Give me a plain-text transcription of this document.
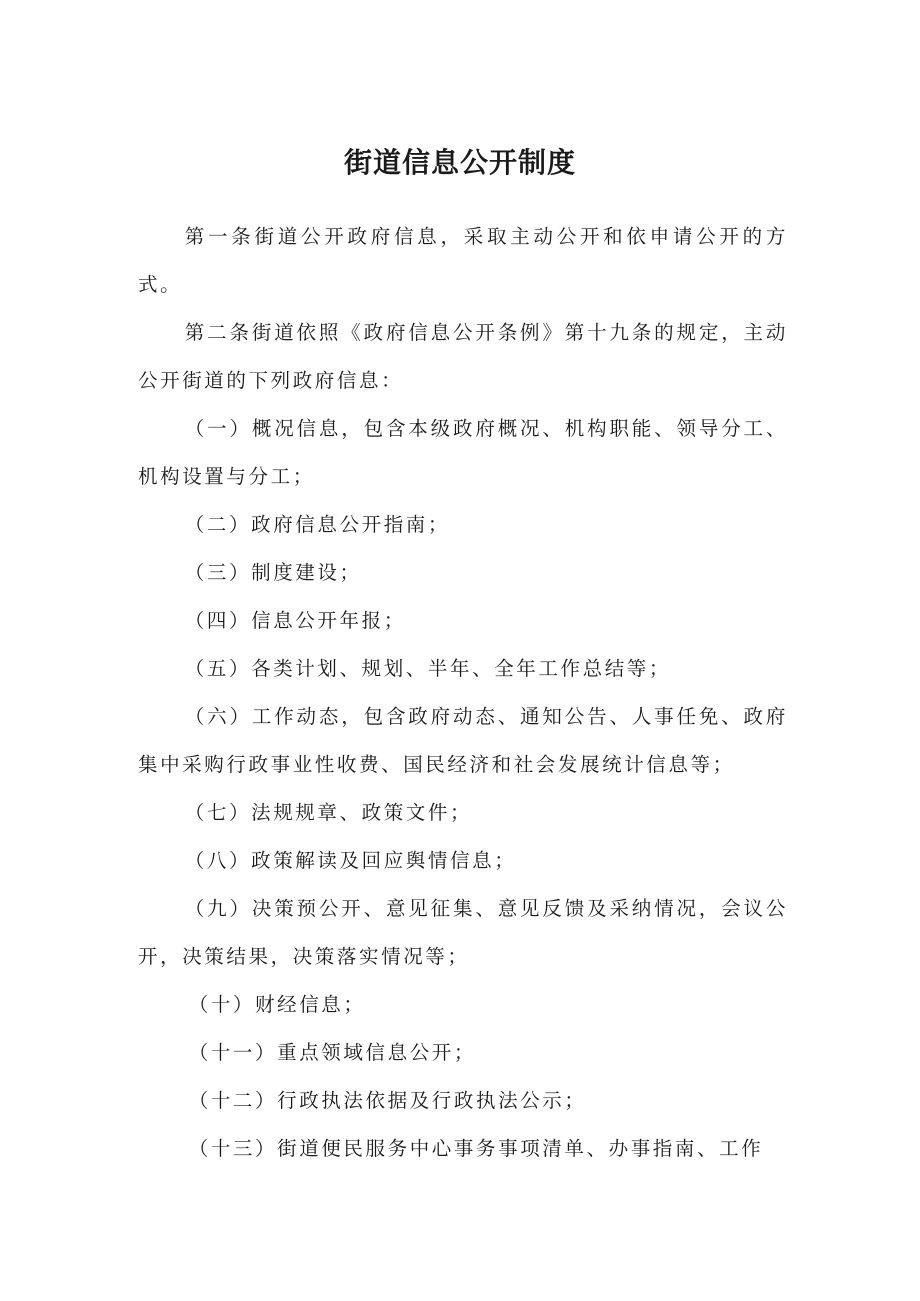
街道信息公开制度

第一条街道公开政府信息，采取主动公开和依申请公开的方式。

第二条街道依照《政府信息公开条例》第十九条的规定，主动公开街道的下列政府信息：

（一）概况信息，包含本级政府概况、机构职能、领导分工、机构设置与分工；

（二）政府信息公开指南；

（三）制度建设；

（四）信息公开年报；

（五）各类计划、规划、半年、全年工作总结等；

（六）工作动态，包含政府动态、通知公告、人事任免、政府集中采购行政事业性收费、国民经济和社会发展统计信息等；

（七）法规规章、政策文件；

（八）政策解读及回应舆情信息；

（九）决策预公开、意见征集、意见反馈及采纳情况，会议公开，决策结果，决策落实情况等；

（十）财经信息；

（十一）重点领域信息公开；

（十二）行政执法依据及行政执法公示；

（十三）街道便民服务中心事务事项清单、办事指南、工作
